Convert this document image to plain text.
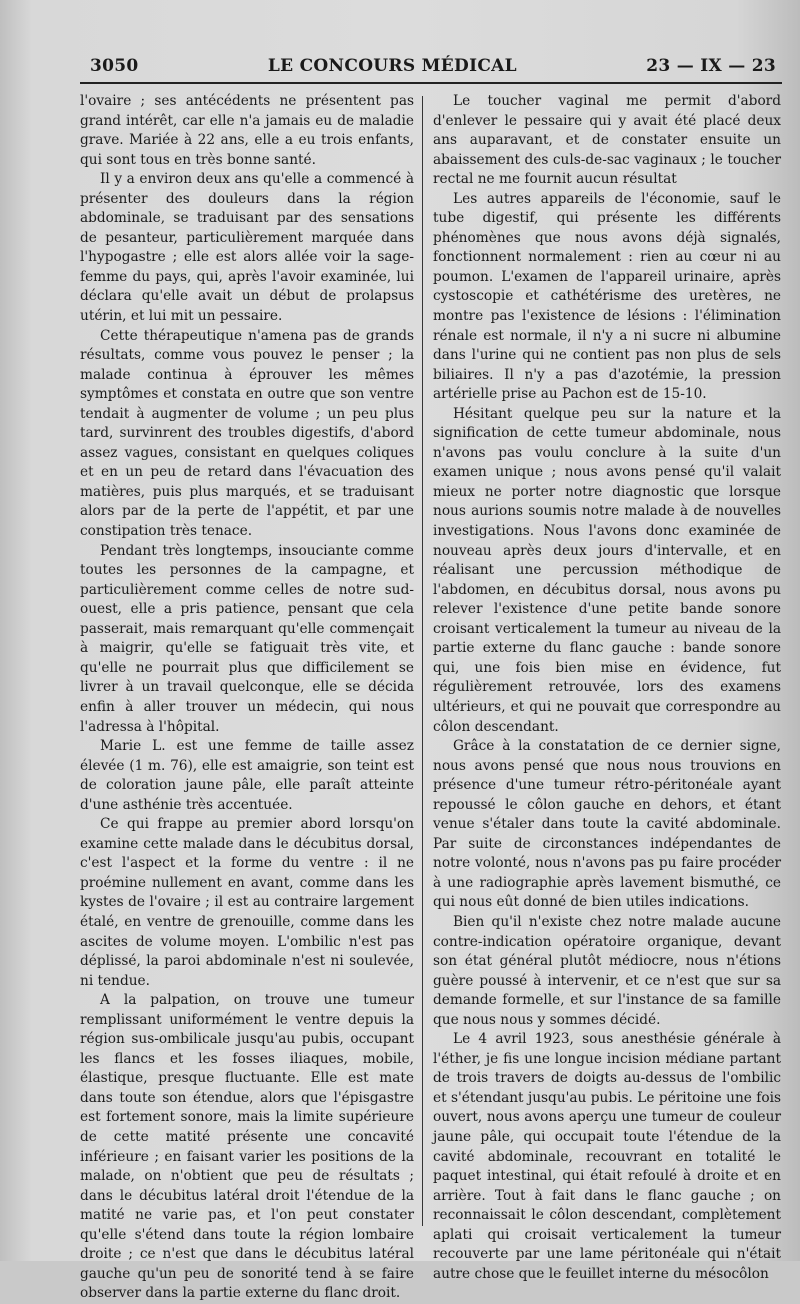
3050	LE CONCOURS MÉDICAL	23 — IX — 23

l'ovaire ; ses antécédents ne présentent pas grand intérêt, car elle n'a jamais eu de maladie grave. Mariée à 22 ans, elle a eu trois enfants, qui sont tous en très bonne santé.

Il y a environ deux ans qu'elle a commencé à présenter des douleurs dans la région abdominale, se traduisant par des sensations de pesanteur, particulièrement marquée dans l'hypogastre ; elle est alors allée voir la sage-femme du pays, qui, après l'avoir examinée, lui déclara qu'elle avait un début de prolapsus utérin, et lui mit un pessaire.

Cette thérapeutique n'amena pas de grands résultats, comme vous pouvez le penser ; la malade continua à éprouver les mêmes symptômes et constata en outre que son ventre tendait à augmenter de volume ; un peu plus tard, survinrent des troubles digestifs, d'abord assez vagues, consistant en quelques coliques et en un peu de retard dans l'évacuation des matières, puis plus marqués, et se traduisant alors par de la perte de l'appétit, et par une constipation très tenace.

Pendant très longtemps, insouciante comme toutes les personnes de la campagne, et particulièrement comme celles de notre sud-ouest, elle a pris patience, pensant que cela passerait, mais remarquant qu'elle commençait à maigrir, qu'elle se fatiguait très vite, et qu'elle ne pourrait plus que difficilement se livrer à un travail quelconque, elle se décida enfin à aller trouver un médecin, qui nous l'adressa à l'hôpital.

Marie L. est une femme de taille assez élevée (1 m. 76), elle est amaigrie, son teint est de coloration jaune pâle, elle paraît atteinte d'une asthénie très accentuée.

Ce qui frappe au premier abord lorsqu'on examine cette malade dans le décubitus dorsal, c'est l'aspect et la forme du ventre : il ne proémine nullement en avant, comme dans les kystes de l'ovaire ; il est au contraire largement étalé, en ventre de grenouille, comme dans les ascites de volume moyen. L'ombilic n'est pas déplissé, la paroi abdominale n'est ni soulevée, ni tendue.

A la palpation, on trouve une tumeur remplissant uniformément le ventre depuis la région sus-ombilicale jusqu'au pubis, occupant les flancs et les fosses iliaques, mobile, élastique, presque fluctuante. Elle est mate dans toute son étendue, alors que l'épisgastre est fortement sonore, mais la limite supérieure de cette matité présente une concavité inférieure ; en faisant varier les positions de la malade, on n'obtient que peu de résultats ; dans le décubitus latéral droit l'étendue de la matité ne varie pas, et l'on peut constater qu'elle s'étend dans toute la région lombaire droite ; ce n'est que dans le décubitus latéral gauche qu'un peu de sonorité tend à se faire observer dans la partie externe du flanc droit.

Le toucher vaginal me permit d'abord d'enlever le pessaire qui y avait été placé deux ans auparavant, et de constater ensuite un abaissement des culs-de-sac vaginaux ; le toucher rectal ne me fournit aucun résultat

Les autres appareils de l'économie, sauf le tube digestif, qui présente les différents phénomènes que nous avons déjà signalés, fonctionnent normalement : rien au cœur ni au poumon. L'examen de l'appareil urinaire, après cystoscopie et cathétérisme des uretères, ne montre pas l'existence de lésions : l'élimination rénale est normale, il n'y a ni sucre ni albumine dans l'urine qui ne contient pas non plus de sels biliaires. Il n'y a pas d'azotémie, la pression artérielle prise au Pachon est de 15-10.

Hésitant quelque peu sur la nature et la signification de cette tumeur abdominale, nous n'avons pas voulu conclure à la suite d'un examen unique ; nous avons pensé qu'il valait mieux ne porter notre diagnostic que lorsque nous aurions soumis notre malade à de nouvelles investigations. Nous l'avons donc examinée de nouveau après deux jours d'intervalle, et en réalisant une percussion méthodique de l'abdomen, en décubitus dorsal, nous avons pu relever l'existence d'une petite bande sonore croisant verticalement la tumeur au niveau de la partie externe du flanc gauche : bande sonore qui, une fois bien mise en évidence, fut régulièrement retrouvée, lors des examens ultérieurs, et qui ne pouvait que correspondre au côlon descendant.

Grâce à la constatation de ce dernier signe, nous avons pensé que nous nous trouvions en présence d'une tumeur rétro-péritonéale ayant repoussé le côlon gauche en dehors, et étant venue s'étaler dans toute la cavité abdominale. Par suite de circonstances indépendantes de notre volonté, nous n'avons pas pu faire procéder à une radiographie après lavement bismuthé, ce qui nous eût donné de bien utiles indications.

Bien qu'il n'existe chez notre malade aucune contre-indication opératoire organique, devant son état général plutôt médiocre, nous n'étions guère poussé à intervenir, et ce n'est que sur sa demande formelle, et sur l'instance de sa famille que nous nous y sommes décidé.

Le 4 avril 1923, sous anesthésie générale à l'éther, je fis une longue incision médiane partant de trois travers de doigts au-dessus de l'ombilic et s'étendant jusqu'au pubis. Le péritoine une fois ouvert, nous avons aperçu une tumeur de couleur jaune pâle, qui occupait toute l'étendue de la cavité abdominale, recouvrant en totalité le paquet intestinal, qui était refoulé à droite et en arrière. Tout à fait dans le flanc gauche ; on reconnaissait le côlon descendant, complètement aplati qui croisait verticalement la tumeur recouverte par une lame péritonéale qui n'était autre chose que le feuillet interne du mésocôlon
